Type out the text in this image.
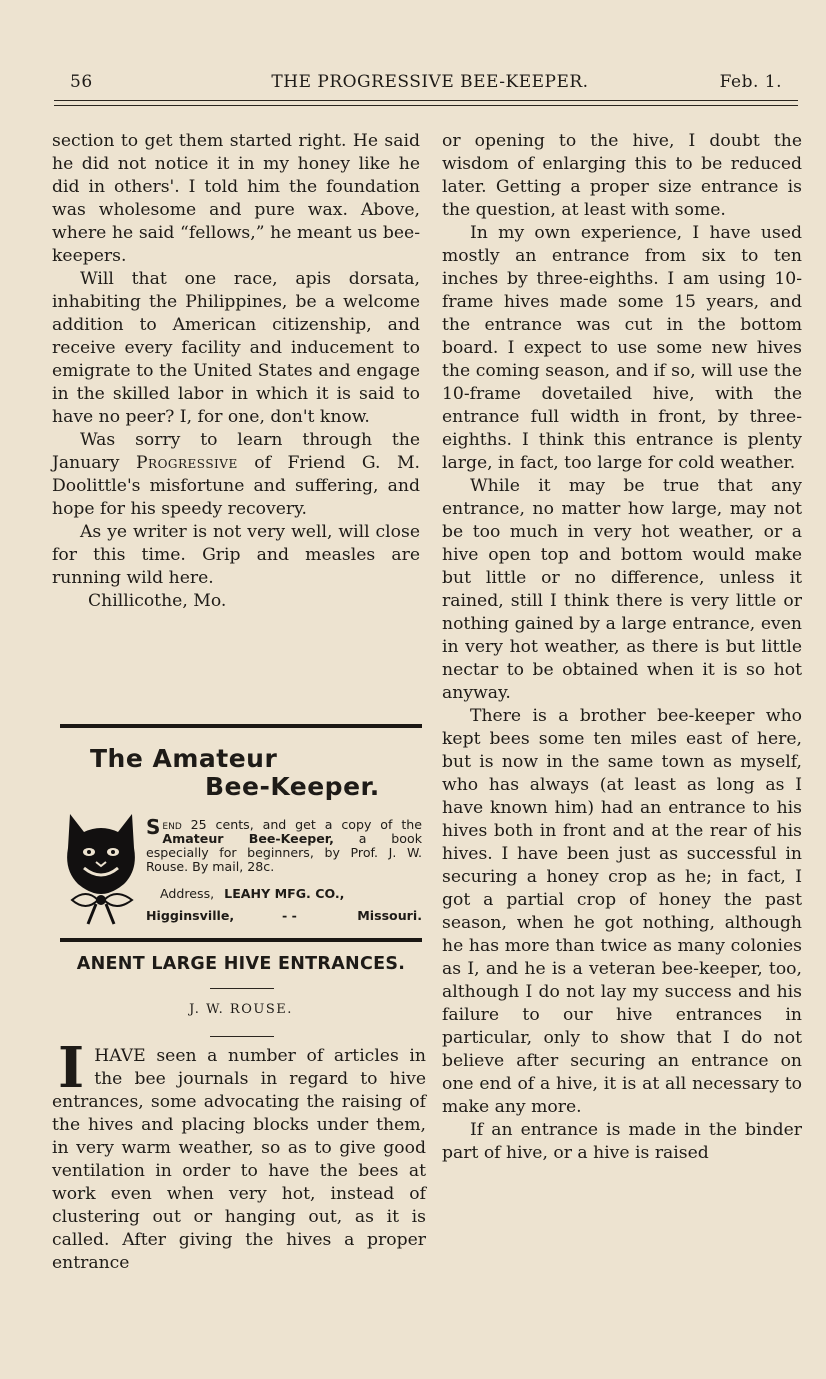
56	THE PROGRESSIVE BEE-KEEPER.	Feb. 1.

section to get them started right. He said he did not notice it in my honey like he did in others'. I told him the foundation was wholesome and pure wax. Above, where he said “fellows,” he meant us bee-keepers.

Will that one race, apis dorsata, inhabiting the Philippines, be a welcome addition to American citizenship, and receive every facility and inducement to emigrate to the United States and engage in the skilled labor in which it is said to have no peer? I, for one, don't know.

Was sorry to learn through the January Progressive of Friend G. M. Doolittle's misfortune and suffering, and hope for his speedy recovery.

As ye writer is not very well, will close for this time. Grip and measles are running wild here.

Chillicothe, Mo.

The Amateur
Bee-Keeper.
Send 25 cents, and get a copy of the Amateur Bee-Keeper, a book especially for beginners, by Prof. J. W. Rouse. By mail, 28c.
Address, LEAHY MFG. CO.,
Higginsville,	- -	Missouri.
ANENT LARGE HIVE ENTRANCES.
J. W. ROUSE.

IHAVE seen a number of articles in the bee journals in regard to hive entrances, some advocating the raising of the hives and placing blocks under them, in very warm weather, so as to give good ventilation in order to have the bees at work even when very hot, instead of clustering out or hanging out, as it is called. After giving the hives a proper entrance

or opening to the hive, I doubt the wisdom of enlarging this to be reduced later. Getting a proper size entrance is the question, at least with some.

In my own experience, I have used mostly an entrance from six to ten inches by three-eighths. I am using 10-frame hives made some 15 years, and the entrance was cut in the bottom board. I expect to use some new hives the coming season, and if so, will use the 10-frame dovetailed hive, with the entrance full width in front, by three-eighths. I think this entrance is plenty large, in fact, too large for cold weather.

While it may be true that any entrance, no matter how large, may not be too much in very hot weather, or a hive open top and bottom would make but little or no difference, unless it rained, still I think there is very little or nothing gained by a large entrance, even in very hot weather, as there is but little nectar to be obtained when it is so hot anyway.

There is a brother bee-keeper who kept bees some ten miles east of here, but is now in the same town as myself, who has always (at least as long as I have known him) had an entrance to his hives both in front and at the rear of his hives. I have been just as successful in securing a honey crop as he; in fact, I got a partial crop of honey the past season, when he got nothing, although he has more than twice as many colonies as I, and he is a veteran bee-keeper, too, although I do not lay my success and his failure to our hive entrances in particular, only to show that I do not believe after securing an entrance on one end of a hive, it is at all necessary to make any more.

If an entrance is made in the binder part of hive, or a hive is raised
